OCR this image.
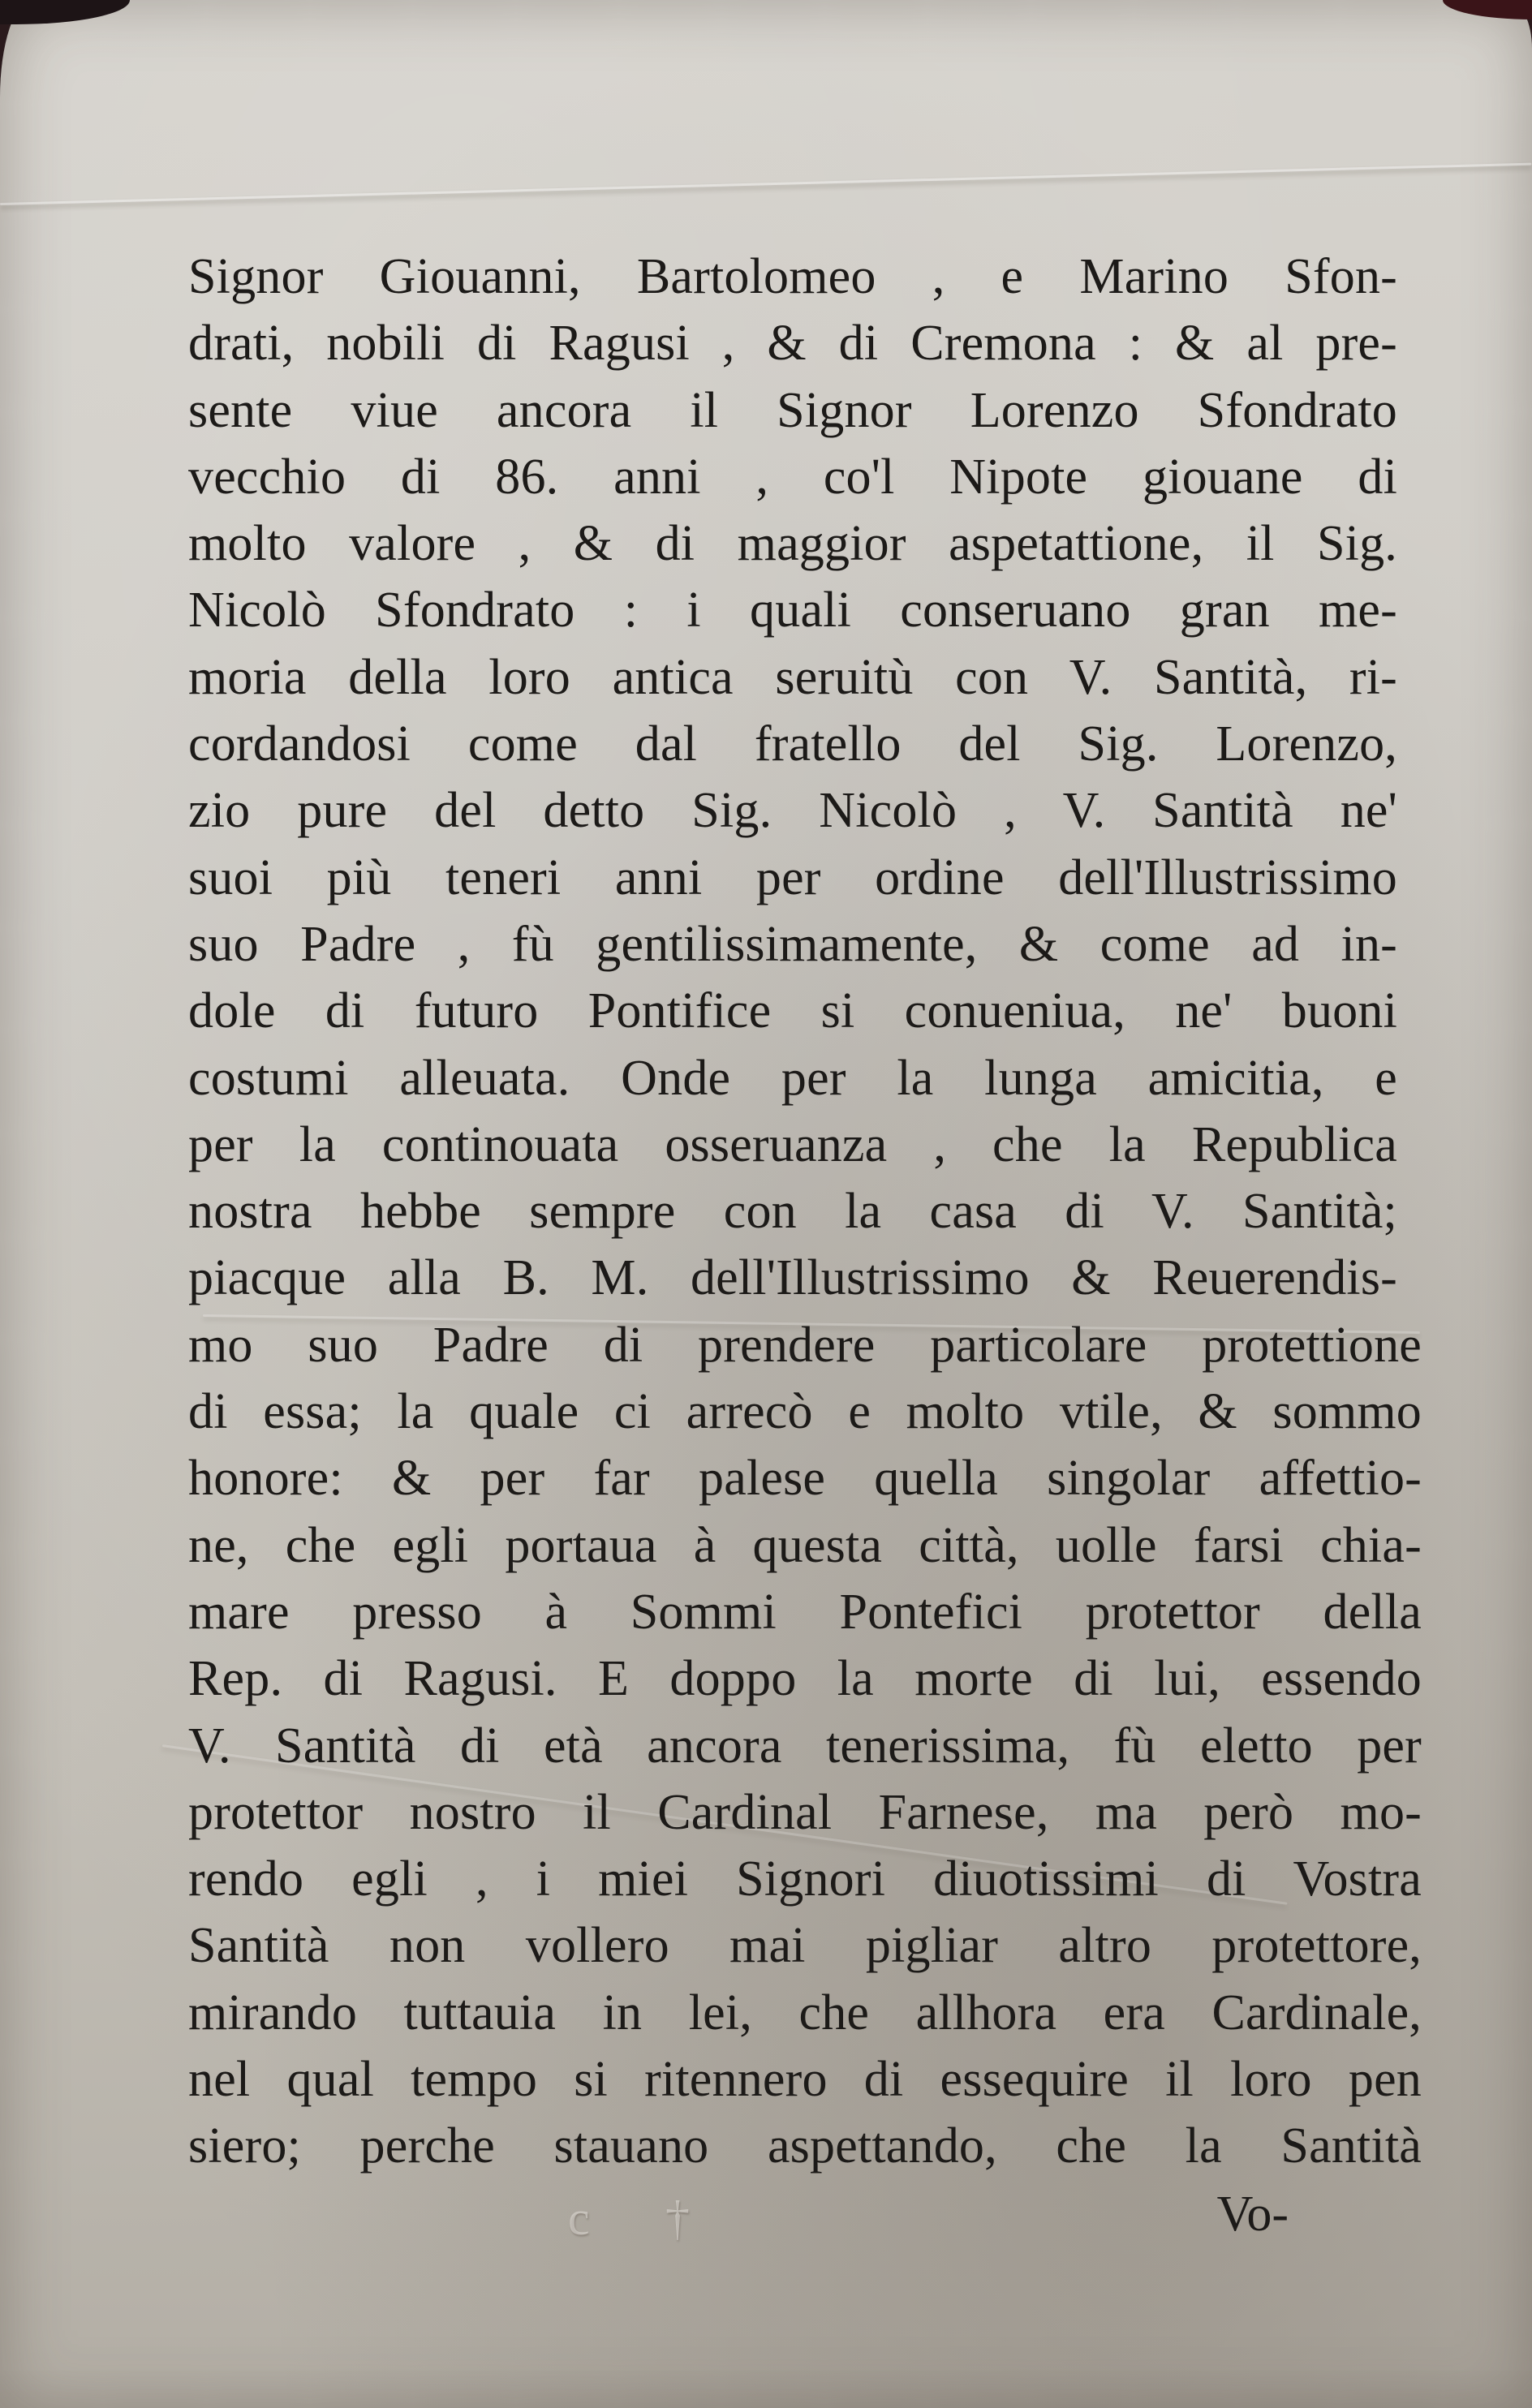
Signor Giouanni, Bartolomeo , e Marino Sfon-
drati, nobili di Ragusi , & di Cremona : & al pre-
sente viue ancora il Signor Lorenzo Sfondrato
vecchio di 86. anni , co'l Nipote giouane di
molto valore , & di maggior aspetattione, il Sig.
Nicolò Sfondrato : i quali conseruano gran me-
moria della loro antica seruitù con V. Santità, ri-
cordandosi come dal fratello del Sig. Lorenzo,
zio pure del detto Sig. Nicolò , V. Santità ne'
suoi più teneri anni per ordine dell'Illustrissimo
suo Padre , fù gentilissimamente, & come ad in-
dole di futuro Pontifice si conueniua, ne' buoni
costumi alleuata. Onde per la lunga amicitia, e
per la continouata osseruanza , che la Republica
nostra hebbe sempre con la casa di V. Santità;
piacque alla B. M. dell'Illustrissimo & Reuerendis-
mo suo Padre di prendere particolare protettione
di essa; la quale ci arrecò e molto vtile, & sommo
honore: & per far palese quella singolar affettio-
ne, che egli portaua à questa città, uolle farsi chia-
mare presso à Sommi Pontefici protettor della
Rep. di Ragusi. E doppo la morte di lui, essendo
V. Santità di età ancora tenerissima, fù eletto per
protettor nostro il Cardinal Farnese, ma però mo-
rendo egli , i miei Signori diuotissimi di Vostra
Santità non vollero mai pigliar altro protettore,
mirando tuttauia in lei, che allhora era Cardinale,
nel qual tempo si ritennero di essequire il loro pen
siero; perche stauano aspettando, che la Santità
c †	Vo-
